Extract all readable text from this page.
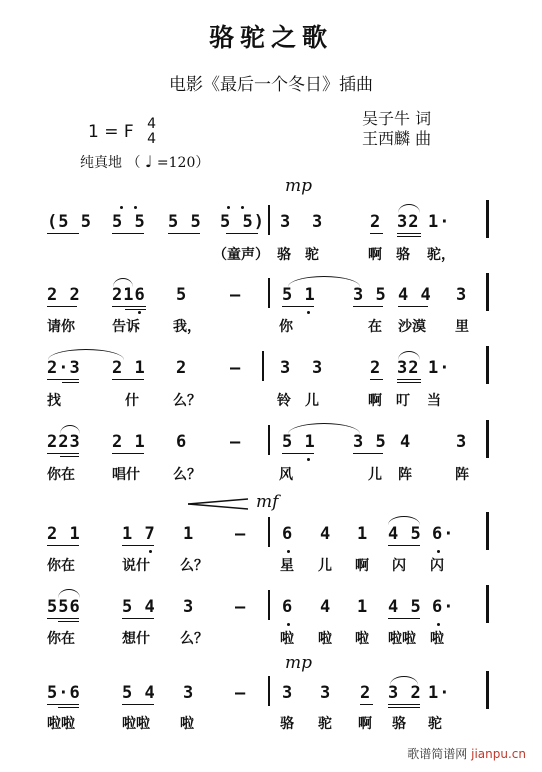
骆驼之歌
电影《最后一个冬日》插曲
1 = F 4
4
吴子牛 词
王西麟 曲
纯真地 （ ♩ =120）
mp
mf
mp
(5 5 5 5 5 5 5 5) 3 3	2 32 1·
（童声） 骆 驼	啊 骆 驼，
2 2 216 5	— 5 1 3 5 4 4 3
请你	告诉 我，	你	在 沙漠 里
2·3 2 1 2	— 3 3	2 32 1·
找	什 么？	铃 儿	啊 叮 当
223 2 1 6	— 5 1 3 5 4	3
你在	唱什 么？	风	儿 阵	阵
2 1 1 7 1 — 6 4 1 4 5 6·
你在	说什 么？	星 儿 啊 闪 闪
556 5 4 3 — 6 4 1 4 5 6·
你在	想什 么？	啦 啦 啦 啦啦 啦
5·6 5 4 3 — 3 3 2 3 2 1·
啦啦	啦啦 啦	骆 驼 啊 骆 驼
歌谱简谱网 jianpu.cn
